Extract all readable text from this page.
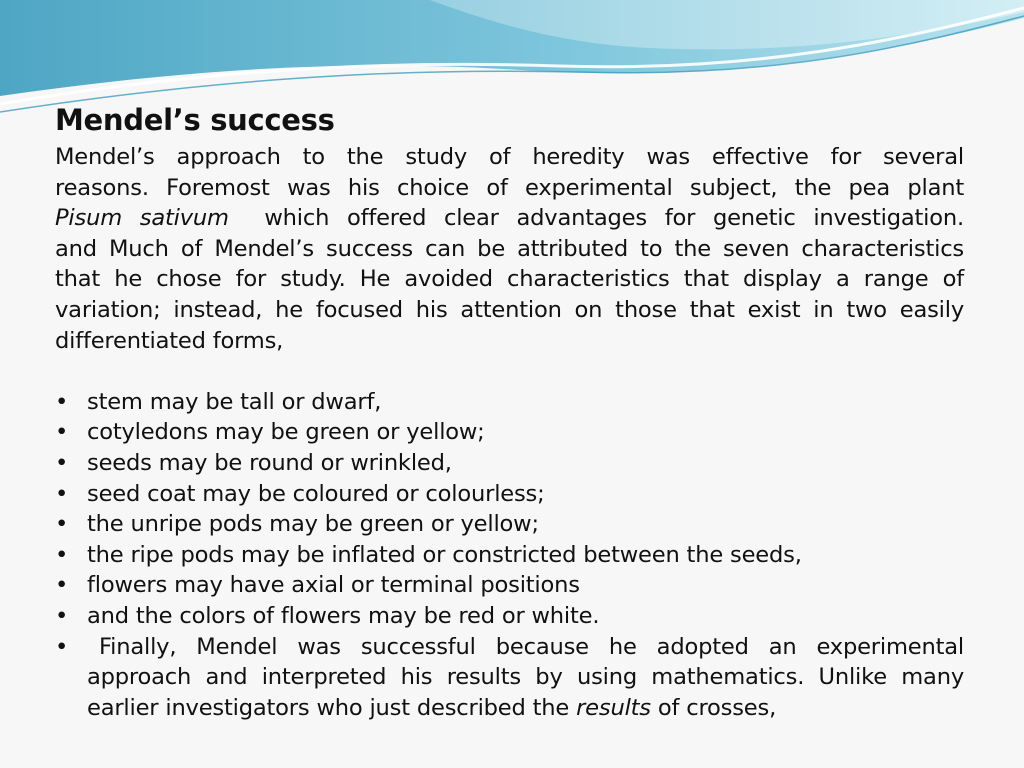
Mendel’s success
Mendel’s approach to the study of heredity was effective for several
reasons. Foremost was his choice of experimental subject, the pea plant
Pisum sativum which offered clear advantages for genetic investigation.
and Much of Mendel’s success can be attributed to the seven characteristics
that he chose for study. He avoided characteristics that display a range of
variation; instead, he focused his attention on those that exist in two easily
differentiated forms,
• stem may be tall or dwarf,
• cotyledons may be green or yellow;
• seeds may be round or wrinkled,
• seed coat may be coloured or colourless;
• the unripe pods may be green or yellow;
• the ripe pods may be inflated or constricted between the seeds,
• flowers may have axial or terminal positions
• and the colors of flowers may be red or white.
•	Finally, Mendel was successful because he adopted an experimental
approach and interpreted his results by using mathematics. Unlike many
earlier investigators who just described the results of crosses,
